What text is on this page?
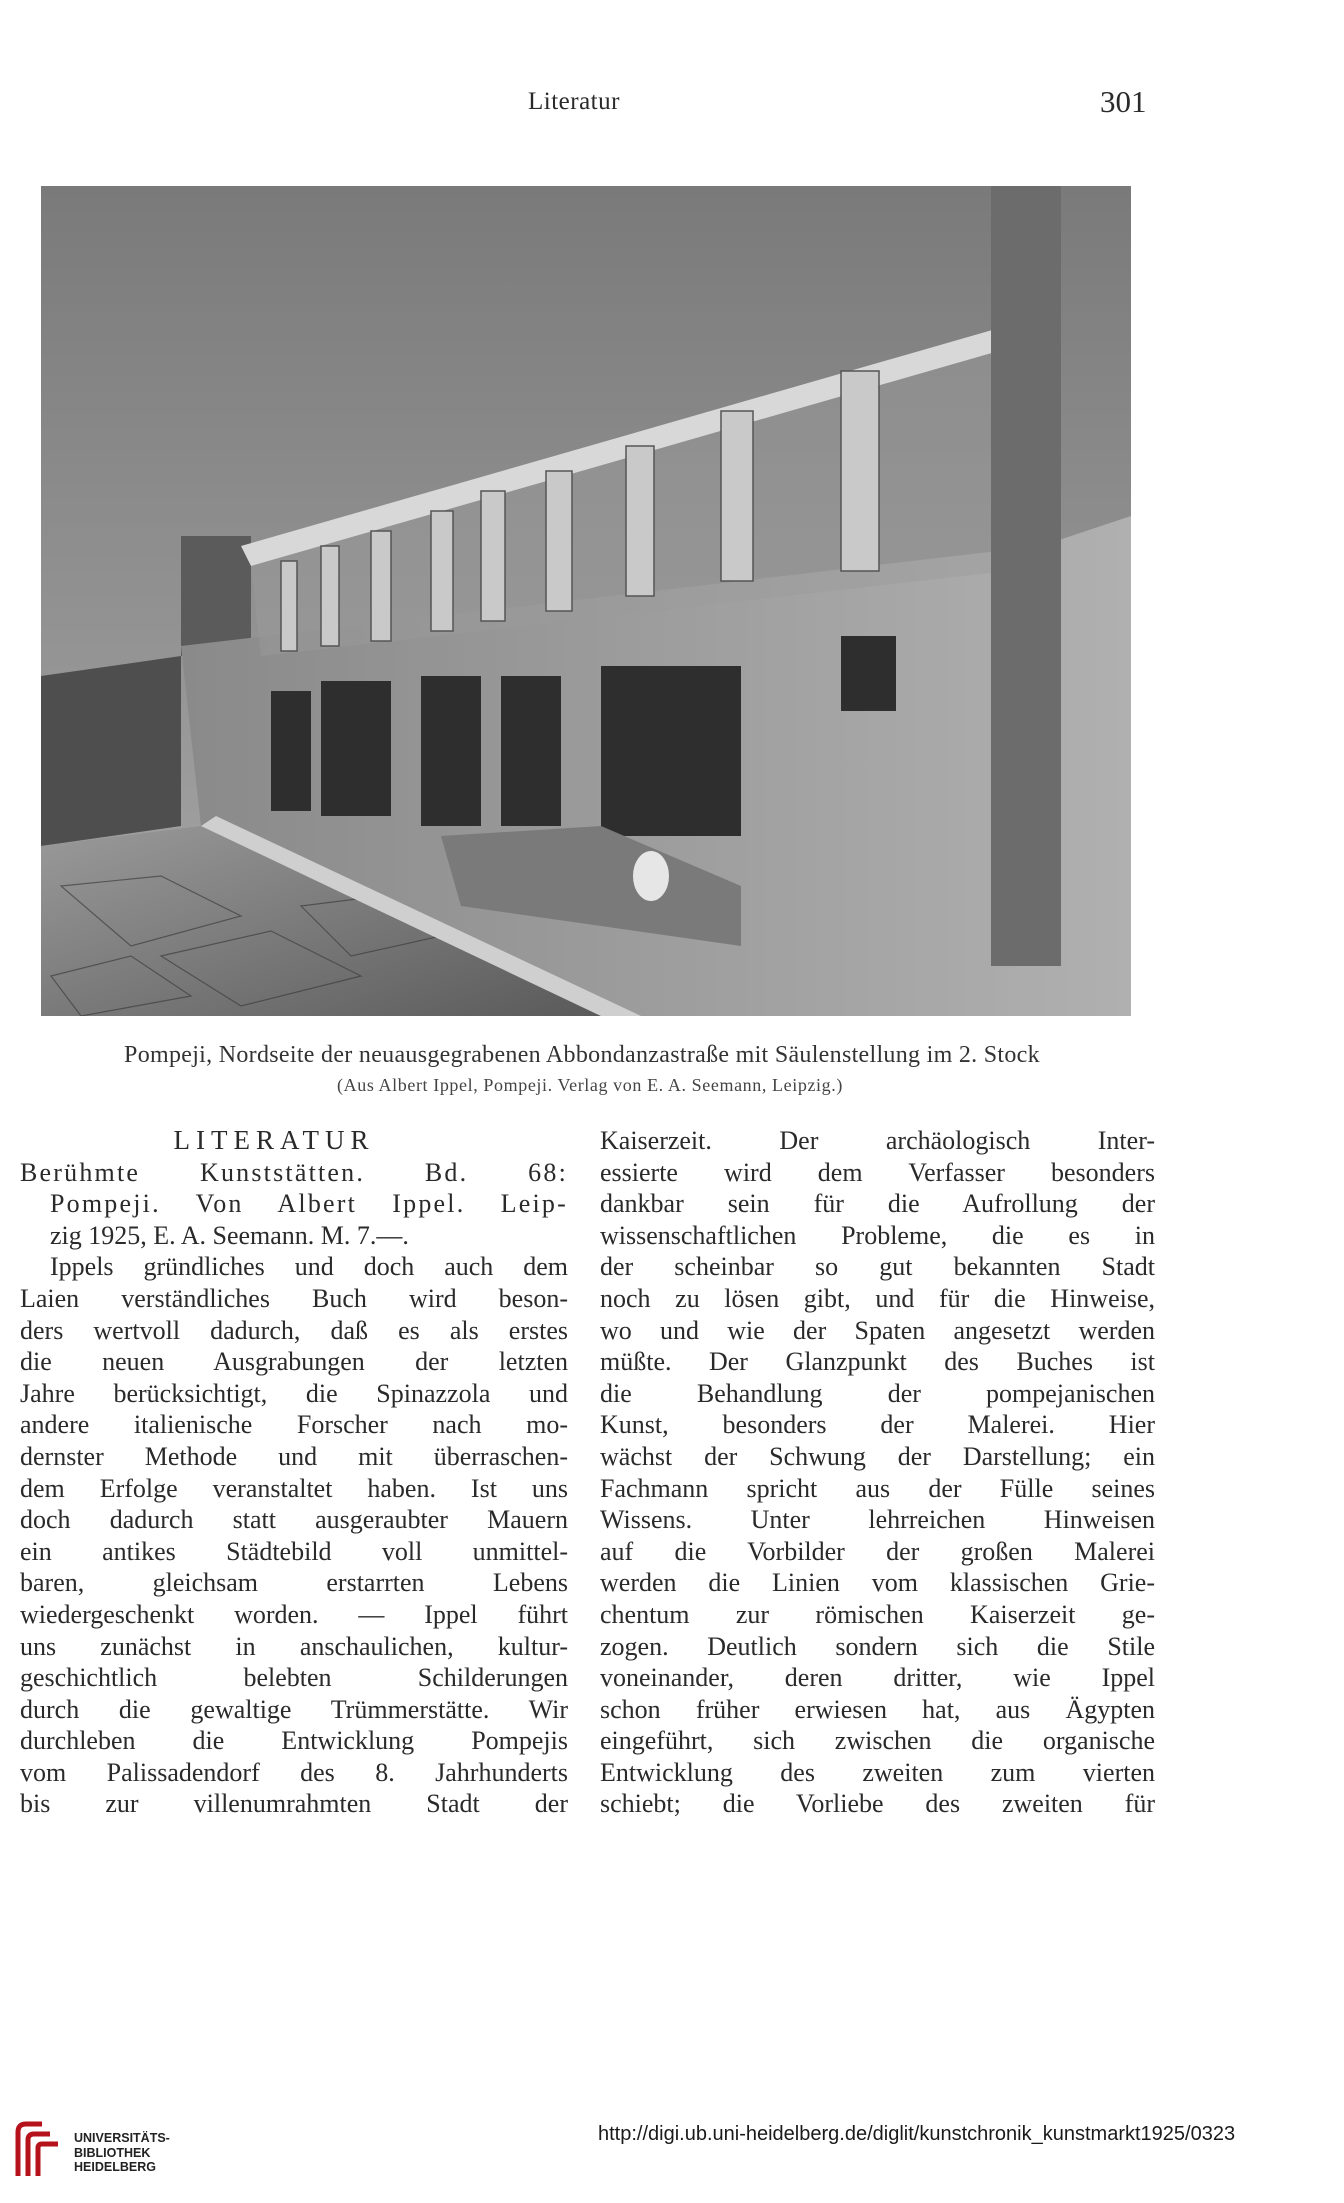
Literatur	301
Pompeji, Nordseite der neuausgegrabenen Abbondanzastraße mit Säulenstellung im 2. Stock
(Aus Albert Ippel, Pompeji. Verlag von E. A. Seemann, Leipzig.)
LITERATUR
Berühmte Kunststätten. Bd. 68:
Pompeji. Von Albert Ippel. Leip-
zig 1925, E. A. Seemann. M. 7.—.
Ippels gründliches und doch auch dem
Laien verständliches Buch wird beson-
ders wertvoll dadurch, daß es als erstes
die neuen Ausgrabungen der letzten
Jahre berücksichtigt, die Spinazzola und
andere italienische Forscher nach mo-
dernster Methode und mit überraschen-
dem Erfolge veranstaltet haben. Ist uns
doch dadurch statt ausgeraubter Mauern
ein antikes Städtebild voll unmittel-
baren, gleichsam erstarrten Lebens
wiedergeschenkt worden. — Ippel führt
uns zunächst in anschaulichen, kultur-
geschichtlich belebten Schilderungen
durch die gewaltige Trümmerstätte. Wir
durchleben die Entwicklung Pompejis
vom Palissadendorf des 8. Jahrhunderts
bis zur villenumrahmten Stadt der
Kaiserzeit. Der archäologisch Inter-
essierte wird dem Verfasser besonders
dankbar sein für die Aufrollung der
wissenschaftlichen Probleme, die es in
der scheinbar so gut bekannten Stadt
noch zu lösen gibt, und für die Hinweise,
wo und wie der Spaten angesetzt werden
müßte. Der Glanzpunkt des Buches ist
die Behandlung der pompejanischen
Kunst, besonders der Malerei. Hier
wächst der Schwung der Darstellung; ein
Fachmann spricht aus der Fülle seines
Wissens. Unter lehrreichen Hinweisen
auf die Vorbilder der großen Malerei
werden die Linien vom klassischen Grie-
chentum zur römischen Kaiserzeit ge-
zogen. Deutlich sondern sich die Stile
voneinander, deren dritter, wie Ippel
schon früher erwiesen hat, aus Ägypten
eingeführt, sich zwischen die organische
Entwicklung des zweiten zum vierten
schiebt; die Vorliebe des zweiten für
UNIVERSITÄTS-
BIBLIOTHEK
HEIDELBERG
http://digi.ub.uni-heidelberg.de/diglit/kunstchronik_kunstmarkt1925/0323
